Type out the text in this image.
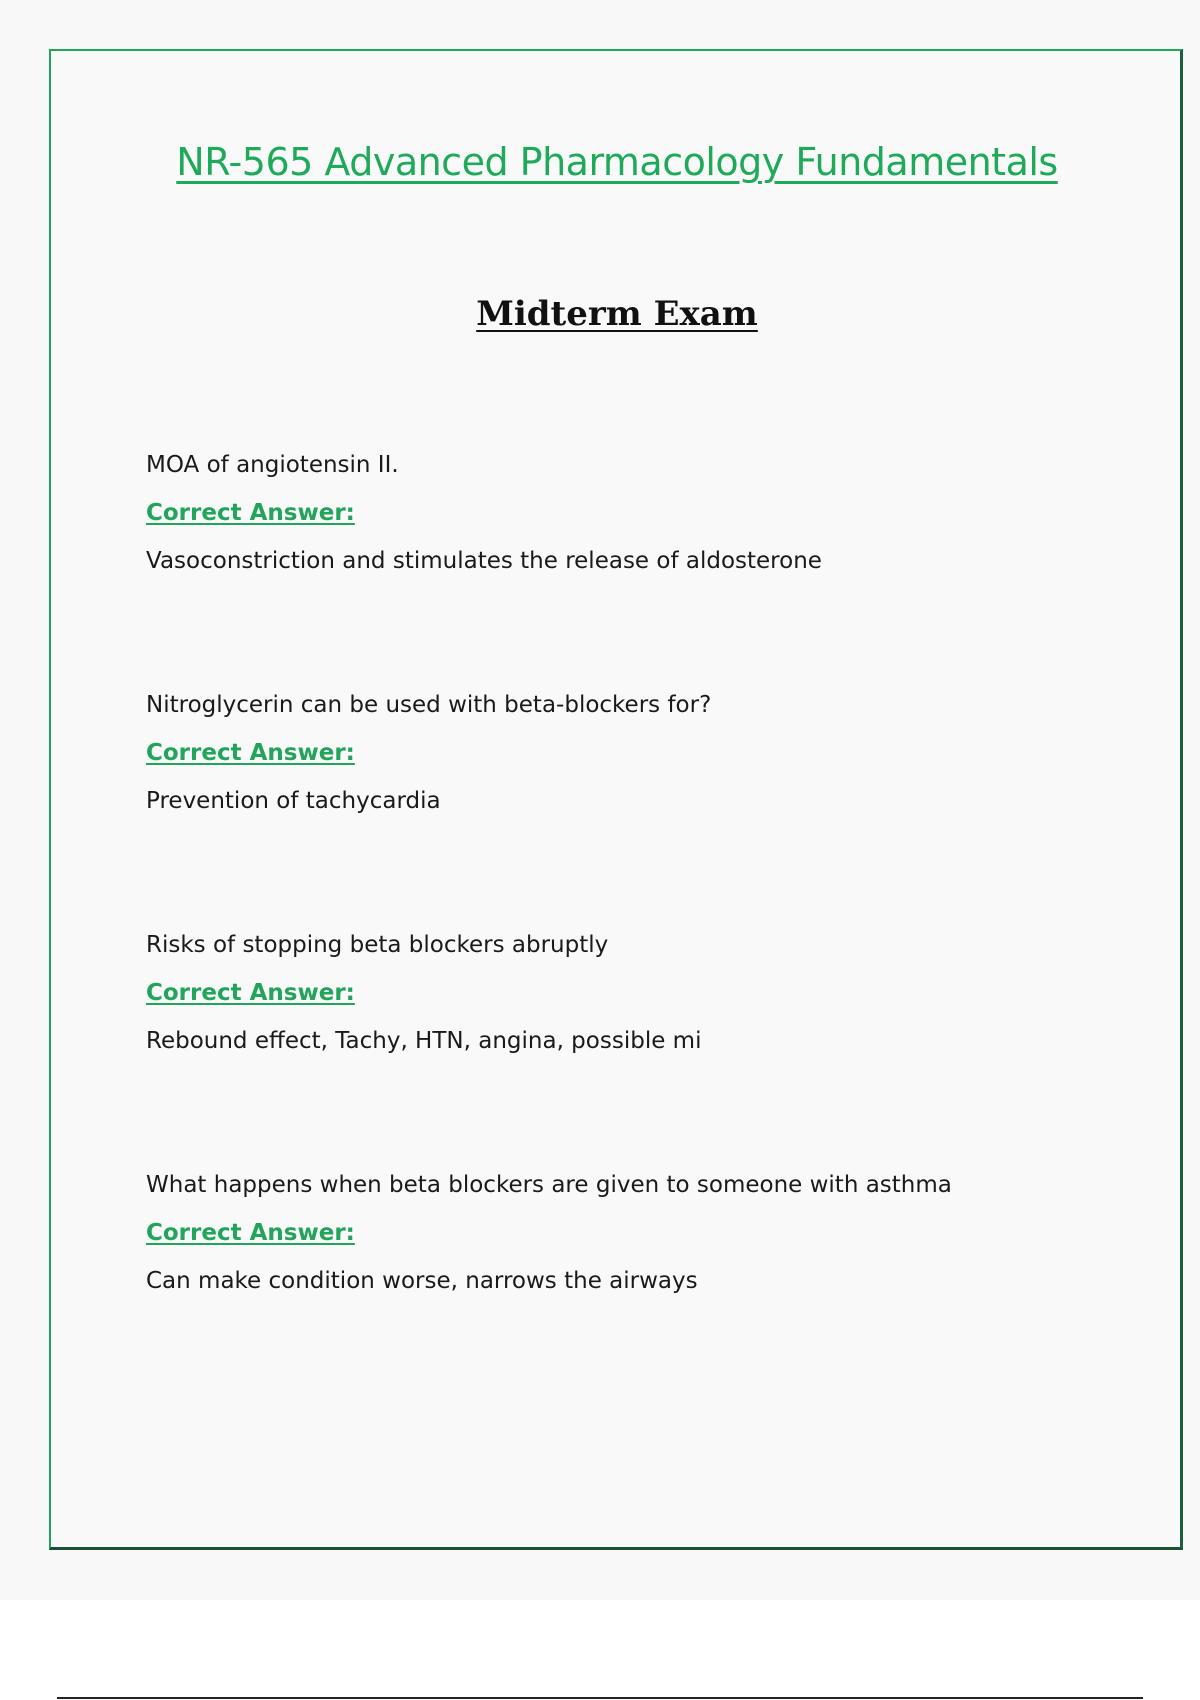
NR-565 Advanced Pharmacology Fundamentals
Midterm Exam

MOA of angiotensin II.

Correct Answer:

Vasoconstriction and stimulates the release of aldosterone

Nitroglycerin can be used with beta-blockers for?

Correct Answer:

Prevention of tachycardia

Risks of stopping beta blockers abruptly

Correct Answer:

Rebound effect, Tachy, HTN, angina, possible mi

What happens when beta blockers are given to someone with asthma

Correct Answer:

Can make condition worse, narrows the airways
